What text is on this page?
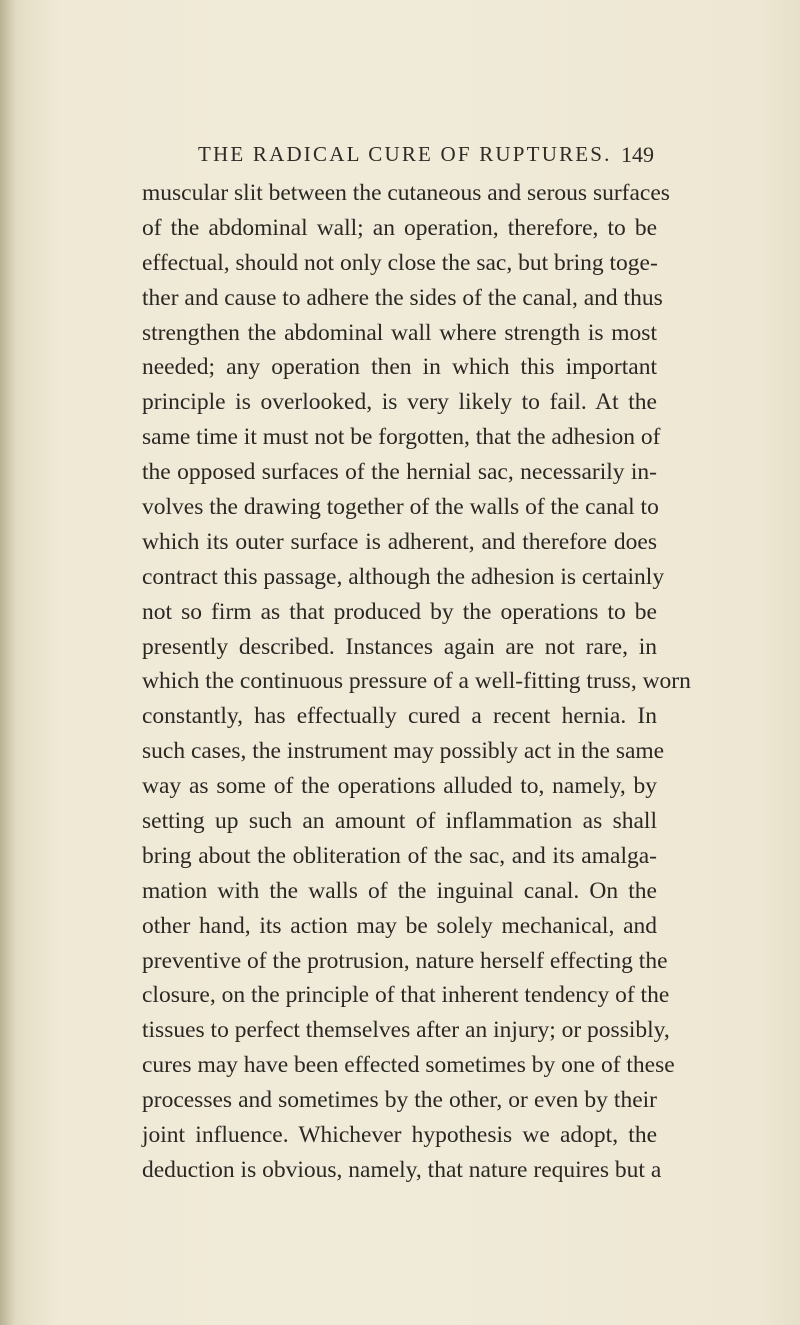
THE RADICAL CURE OF RUPTURES. 149
muscular slit between the cutaneous and serous surfaces
of the abdominal wall; an operation, therefore, to be
effectual, should not only close the sac, but bring toge-
ther and cause to adhere the sides of the canal, and thus
strengthen the abdominal wall where strength is most
needed; any operation then in which this important
principle is overlooked, is very likely to fail. At the
same time it must not be forgotten, that the adhesion of
the opposed surfaces of the hernial sac, necessarily in-
volves the drawing together of the walls of the canal to
which its outer surface is adherent, and therefore does
contract this passage, although the adhesion is certainly
not so firm as that produced by the operations to be
presently described. Instances again are not rare, in
which the continuous pressure of a well-fitting truss, worn
constantly, has effectually cured a recent hernia. In
such cases, the instrument may possibly act in the same
way as some of the operations alluded to, namely, by
setting up such an amount of inflammation as shall
bring about the obliteration of the sac, and its amalga-
mation with the walls of the inguinal canal. On the
other hand, its action may be solely mechanical, and
preventive of the protrusion, nature herself effecting the
closure, on the principle of that inherent tendency of the
tissues to perfect themselves after an injury; or possibly,
cures may have been effected sometimes by one of these
processes and sometimes by the other, or even by their
joint influence. Whichever hypothesis we adopt, the
deduction is obvious, namely, that nature requires but a
